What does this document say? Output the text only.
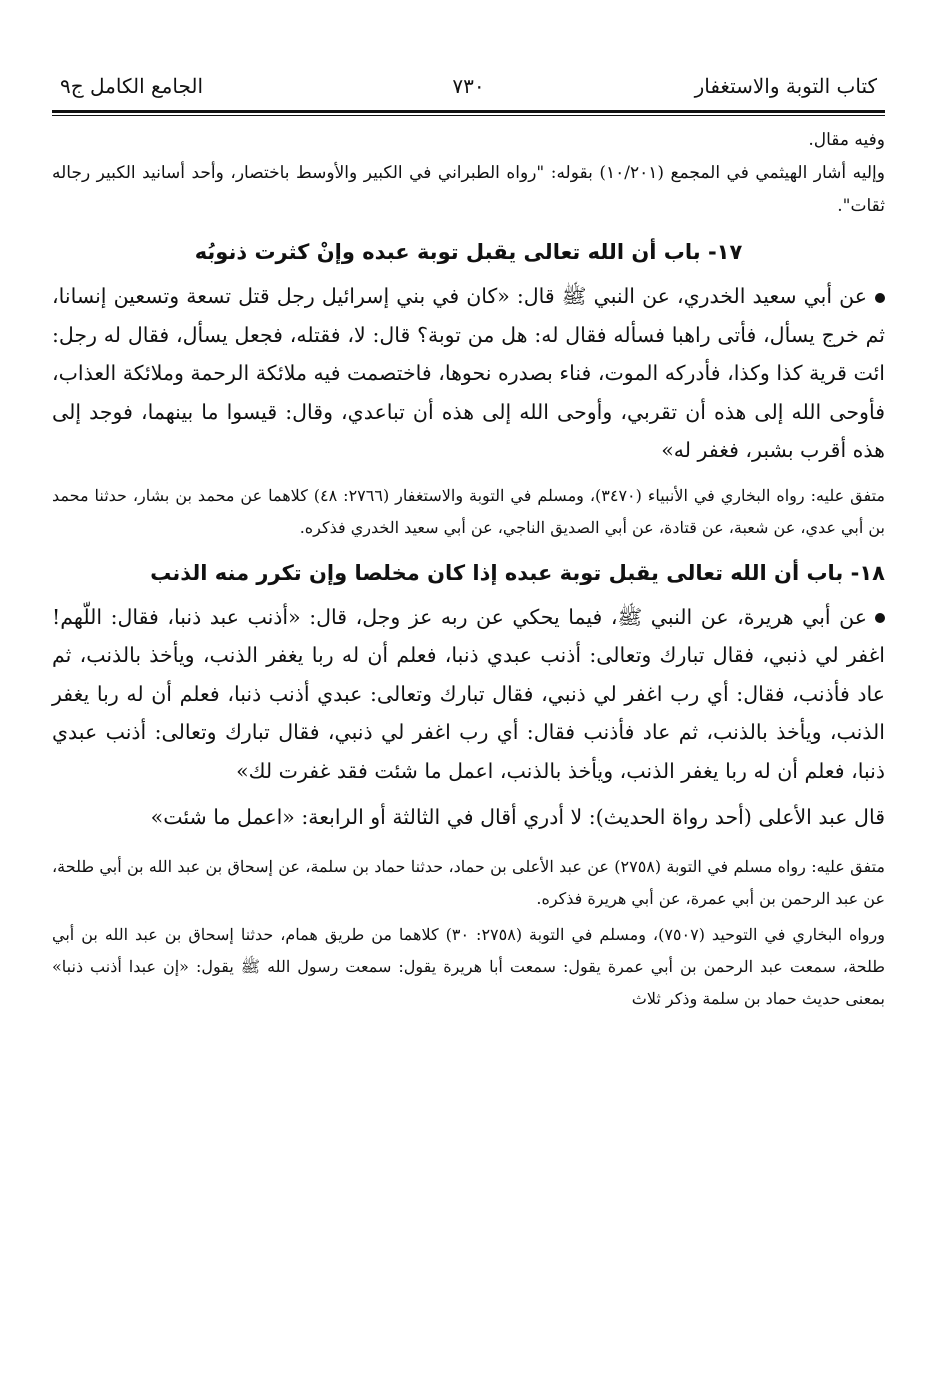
كتاب التوبة والاستغفار
٧٣٠
الجامع الكامل ج٩

وفيه مقال.

وإليه أشار الهيثمي في المجمع (١٠/٢٠١) بقوله: "رواه الطبراني في الكبير والأوسط باختصار، وأحد أسانيد الكبير رجاله ثقات".

١٧- باب أن الله تعالى يقبل توبة عبده وإنْ كثرت ذنوبُه

عن أبي سعيد الخدري، عن النبي ﷺ قال: «كان في بني إسرائيل رجل قتل تسعة وتسعين إنسانا، ثم خرج يسأل، فأتى راهبا فسأله فقال له: هل من توبة؟ قال: لا، فقتله، فجعل يسأل، فقال له رجل: ائت قرية كذا وكذا، فأدركه الموت، فناء بصدره نحوها، فاختصمت فيه ملائكة الرحمة وملائكة العذاب، فأوحى الله إلى هذه أن تقربي، وأوحى الله إلى هذه أن تباعدي، وقال: قيسوا ما بينهما، فوجد إلى هذه أقرب بشبر، فغفر له»

متفق عليه: رواه البخاري في الأنبياء (٣٤٧٠)، ومسلم في التوبة والاستغفار (٢٧٦٦: ٤٨) كلاهما عن محمد بن بشار، حدثنا محمد بن أبي عدي، عن شعبة، عن قتادة، عن أبي الصديق الناجي، عن أبي سعيد الخدري فذكره.

١٨- باب أن الله تعالى يقبل توبة عبده إذا كان مخلصا وإن تكرر منه الذنب

عن أبي هريرة، عن النبي ﷺ، فيما يحكي عن ربه عز وجل، قال: «أذنب عبد ذنبا، فقال: اللّهم! اغفر لي ذنبي، فقال تبارك وتعالى: أذنب عبدي ذنبا، فعلم أن له ربا يغفر الذنب، ويأخذ بالذنب، ثم عاد فأذنب، فقال: أي رب اغفر لي ذنبي، فقال تبارك وتعالى: عبدي أذنب ذنبا، فعلم أن له ربا يغفر الذنب، ويأخذ بالذنب، ثم عاد فأذنب فقال: أي رب اغفر لي ذنبي، فقال تبارك وتعالى: أذنب عبدي ذنبا، فعلم أن له ربا يغفر الذنب، ويأخذ بالذنب، اعمل ما شئت فقد غفرت لك»

قال عبد الأعلى (أحد رواة الحديث): لا أدري أقال في الثالثة أو الرابعة: «اعمل ما شئت»

متفق عليه: رواه مسلم في التوبة (٢٧٥٨) عن عبد الأعلى بن حماد، حدثنا حماد بن سلمة، عن إسحاق بن عبد الله بن أبي طلحة، عن عبد الرحمن بن أبي عمرة، عن أبي هريرة فذكره.

ورواه البخاري في التوحيد (٧٥٠٧)، ومسلم في التوبة (٢٧٥٨: ٣٠) كلاهما من طريق همام، حدثنا إسحاق بن عبد الله بن أبي طلحة، سمعت عبد الرحمن بن أبي عمرة يقول: سمعت أبا هريرة يقول: سمعت رسول الله ﷺ يقول: «إن عبدا أذنب ذنبا» بمعنى حديث حماد بن سلمة وذكر ثلاث
